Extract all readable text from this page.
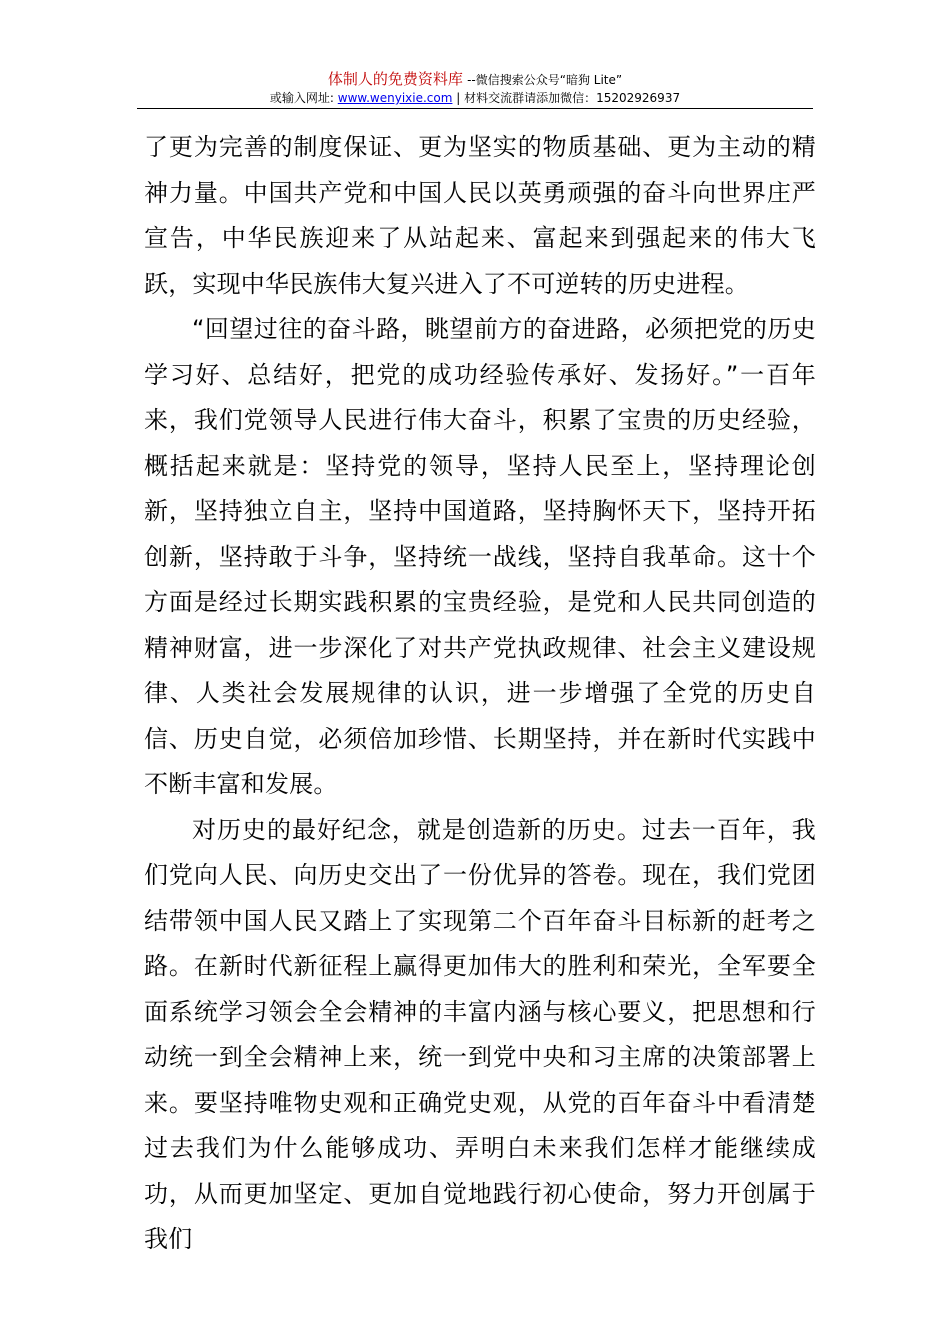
体制人的免费资料库 --微信搜索公众号“暗狗 Lite”
或输入网址: www.wenyixie.com | 材料交流群请添加微信：15202926937

了更为完善的制度保证、更为坚实的物质基础、更为主动的精神力量。中国共产党和中国人民以英勇顽强的奋斗向世界庄严宣告，中华民族迎来了从站起来、富起来到强起来的伟大飞跃，实现中华民族伟大复兴进入了不可逆转的历史进程。

“回望过往的奋斗路，眺望前方的奋进路，必须把党的历史学习好、总结好，把党的成功经验传承好、发扬好。”一百年来，我们党领导人民进行伟大奋斗，积累了宝贵的历史经验，概括起来就是：坚持党的领导，坚持人民至上，坚持理论创新，坚持独立自主，坚持中国道路，坚持胸怀天下，坚持开拓创新，坚持敢于斗争，坚持统一战线，坚持自我革命。这十个方面是经过长期实践积累的宝贵经验，是党和人民共同创造的精神财富，进一步深化了对共产党执政规律、社会主义建设规律、人类社会发展规律的认识，进一步增强了全党的历史自信、历史自觉，必须倍加珍惜、长期坚持，并在新时代实践中不断丰富和发展。

对历史的最好纪念，就是创造新的历史。过去一百年，我们党向人民、向历史交出了一份优异的答卷。现在，我们党团结带领中国人民又踏上了实现第二个百年奋斗目标新的赶考之路。在新时代新征程上赢得更加伟大的胜利和荣光，全军要全面系统学习领会全会精神的丰富内涵与核心要义，把思想和行动统一到全会精神上来，统一到党中央和习主席的决策部署上来。要坚持唯物史观和正确党史观，从党的百年奋斗中看清楚过去我们为什么能够成功、弄明白未来我们怎样才能继续成功，从而更加坚定、更加自觉地践行初心使命，努力开创属于我们
